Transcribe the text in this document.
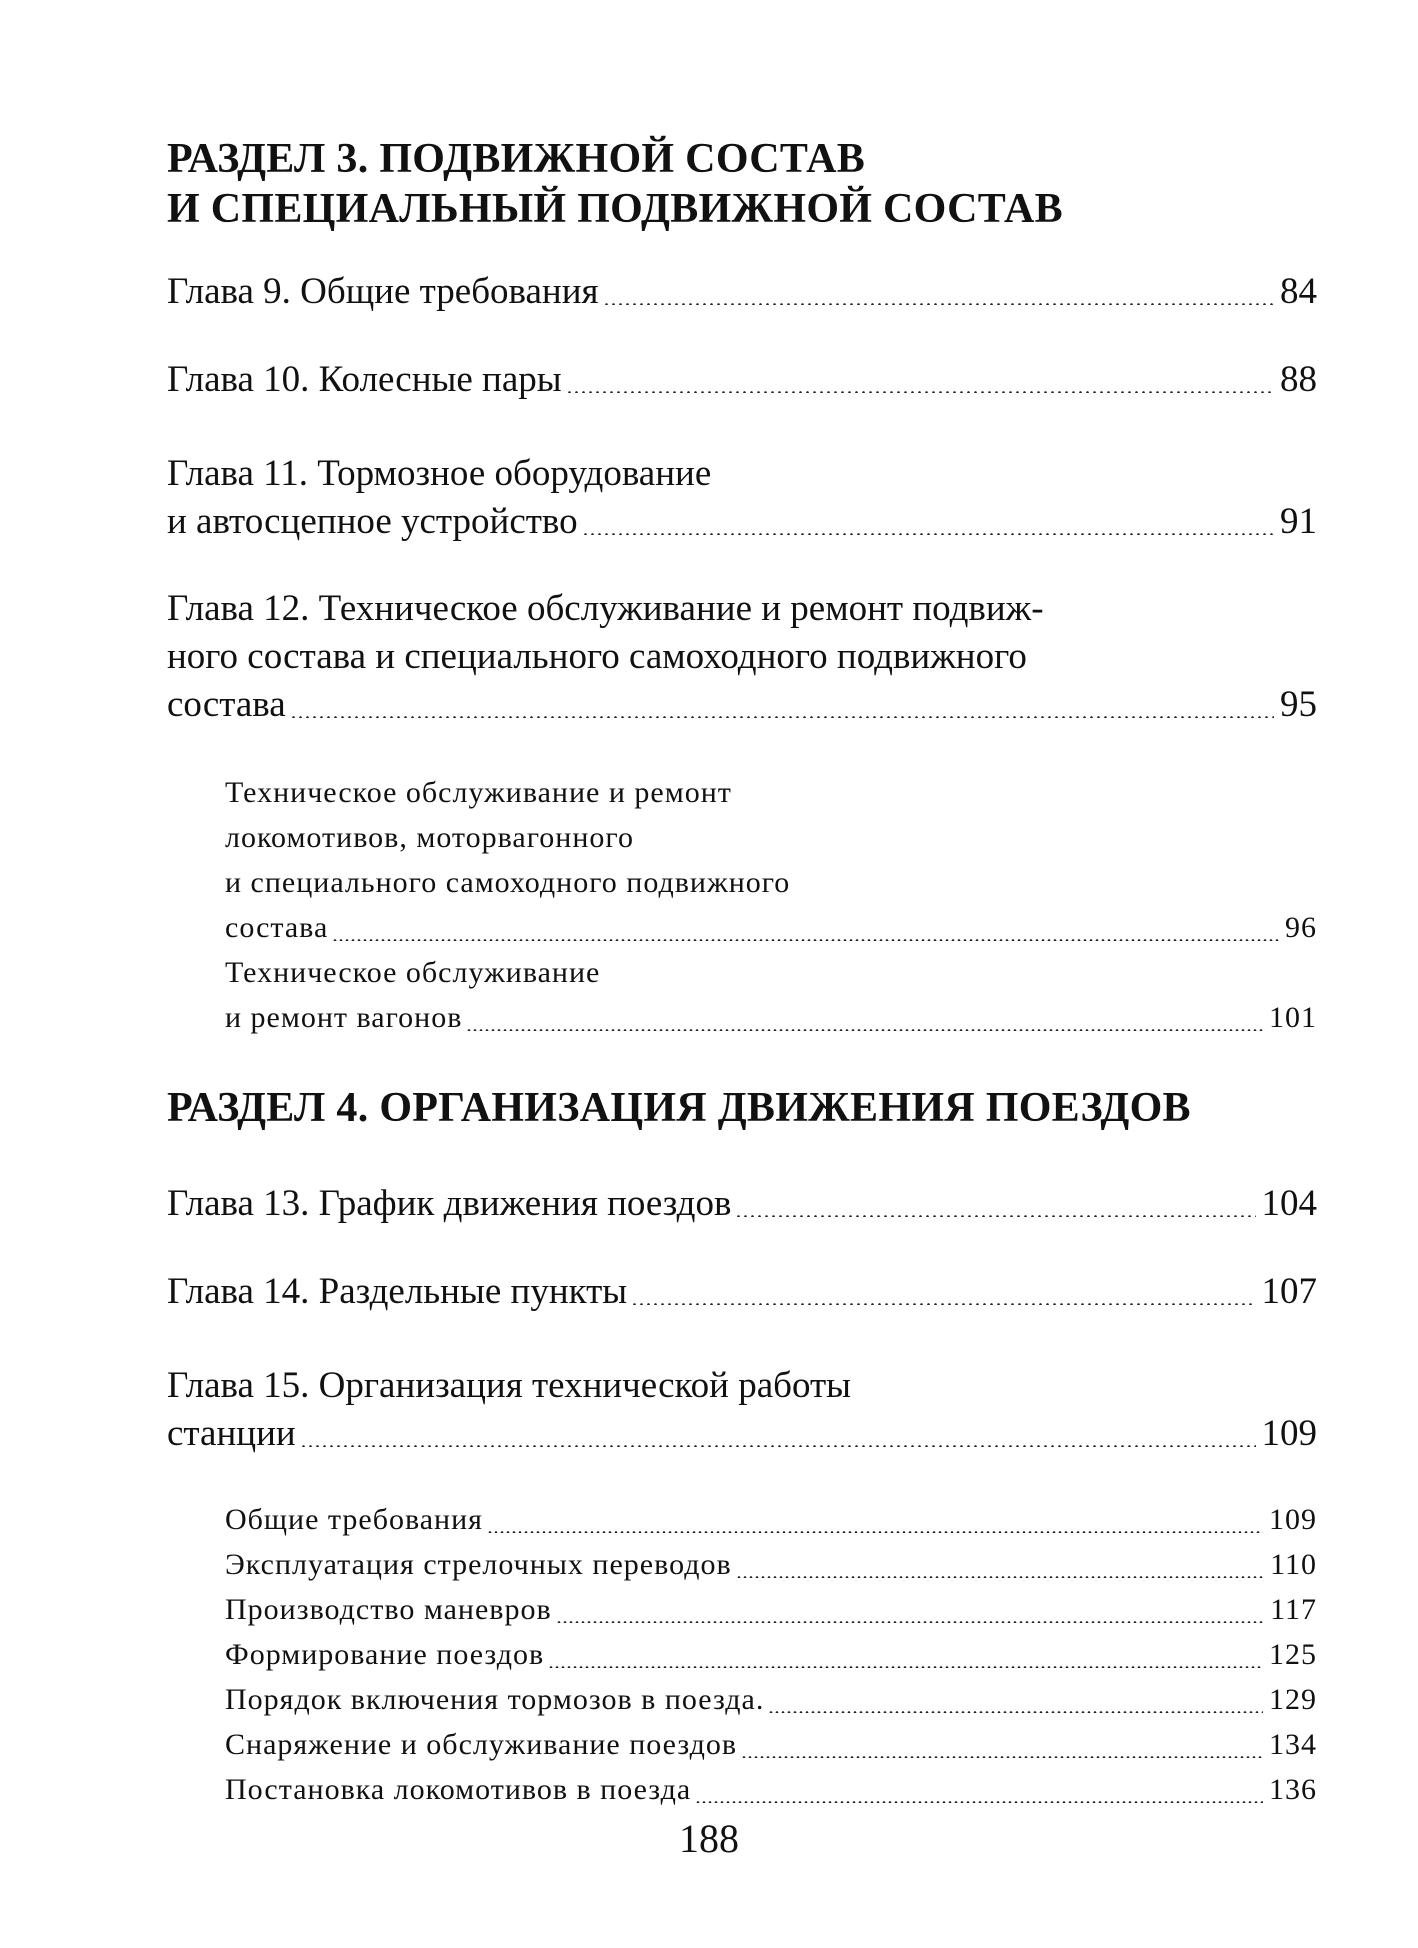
РАЗДЕЛ 3. ПОДВИЖНОЙ СОСТАВ
И СПЕЦИАЛЬНЫЙ ПОДВИЖНОЙ СОСТАВ
Глава 9. Общие требования	84
Глава 10. Колесные пары	88
Глава 11. Тормозное оборудование
и автосцепное устройство	91
Глава 12. Техническое обслуживание и ремонт подвиж-
ного состава и специального самоходного подвижного
состава	95
Техническое обслуживание и ремонт
локомотивов, моторвагонного
и специального самоходного подвижного
состава	96
Техническое обслуживание
и ремонт вагонов	101
РАЗДЕЛ 4. ОРГАНИЗАЦИЯ ДВИЖЕНИЯ ПОЕЗДОВ
Глава 13. График движения поездов	104
Глава 14. Раздельные пункты	107
Глава 15. Организация технической работы
станции	109
Общие требования	109
Эксплуатация стрелочных переводов	110
Производство маневров	117
Формирование поездов	125
Порядок включения тормозов в поезда.	129
Снаряжение и обслуживание поездов	134
Постановка локомотивов в поезда	136
188
